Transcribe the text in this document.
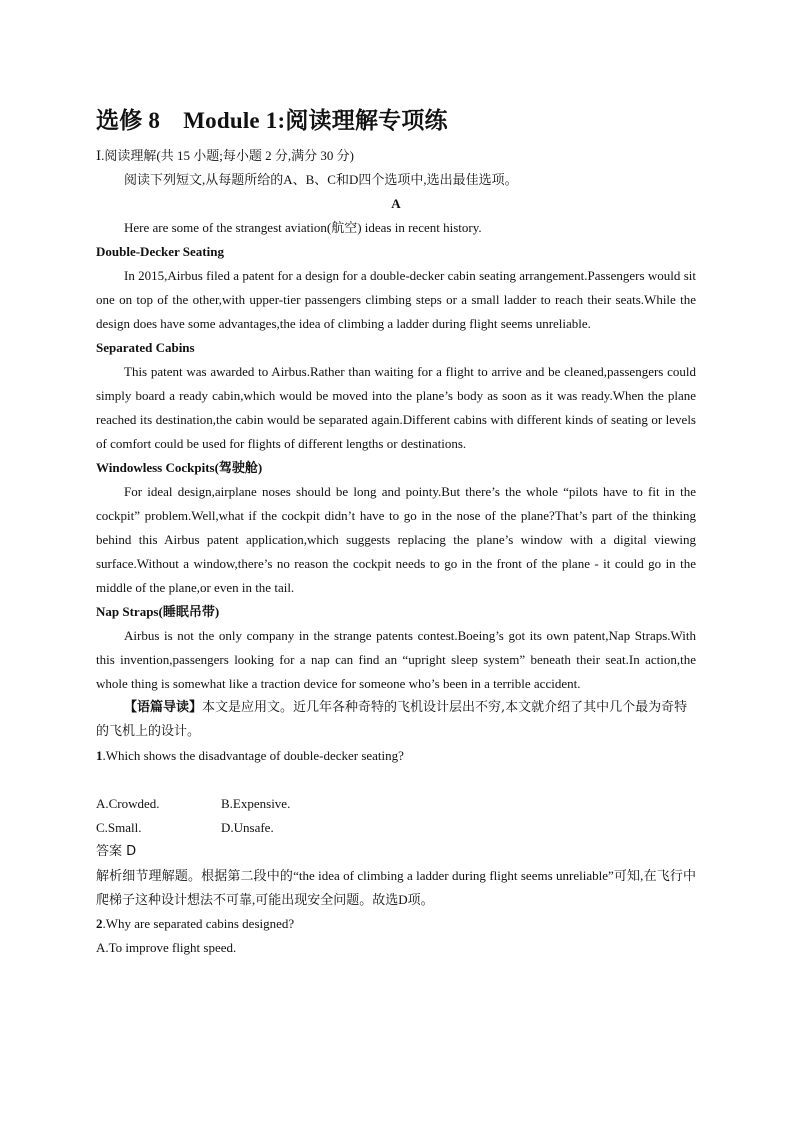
选修 8　Module 1:阅读理解专项练
Ⅰ.阅读理解(共 15 小题;每小题 2 分,满分 30 分)
阅读下列短文,从每题所给的A、B、C和D四个选项中,选出最佳选项。
A
Here are some of the strangest aviation(航空) ideas in recent history.
Double-Decker Seating
In 2015,Airbus filed a patent for a design for a double-decker cabin seating arrangement.Passengers would sit one on top of the other,with upper-tier passengers climbing steps or a small ladder to reach their seats.While the design does have some advantages,the idea of climbing a ladder during flight seems unreliable.
Separated Cabins
This patent was awarded to Airbus.Rather than waiting for a flight to arrive and be cleaned,passengers could simply board a ready cabin,which would be moved into the plane’s body as soon as it was ready.When the plane reached its destination,the cabin would be separated again.Different cabins with different kinds of seating or levels of comfort could be used for flights of different lengths or destinations.
Windowless Cockpits(驾驶舱)
For ideal design,airplane noses should be long and pointy.But there’s the whole “pilots have to fit in the cockpit” problem.Well,what if the cockpit didn’t have to go in the nose of the plane?That’s part of the thinking behind this Airbus patent application,which suggests replacing the plane’s window with a digital viewing surface.Without a window,there’s no reason the cockpit needs to go in the front of the plane - it could go in the middle of the plane,or even in the tail.
Nap Straps(睡眠吊带)
Airbus is not the only company in the strange patents contest.Boeing’s got its own patent,Nap Straps.With this invention,passengers looking for a nap can find an “upright sleep system” beneath their seat.In action,the whole thing is somewhat like a traction device for someone who’s been in a terrible accident.
【语篇导读】本文是应用文。近几年各种奇特的飞机设计层出不穷,本文就介绍了其中几个最为奇特的飞机上的设计。
1.Which shows the disadvantage of double-decker seating?
A.Crowded.	B.Expensive.
C.Small.	D.Unsafe.
答案 D
解析细节理解题。根据第二段中的“the idea of climbing a ladder during flight seems unreliable”可知,在飞行中爬梯子这种设计想法不可靠,可能出现安全问题。故选D项。
2.Why are separated cabins designed?
A.To improve flight speed.
